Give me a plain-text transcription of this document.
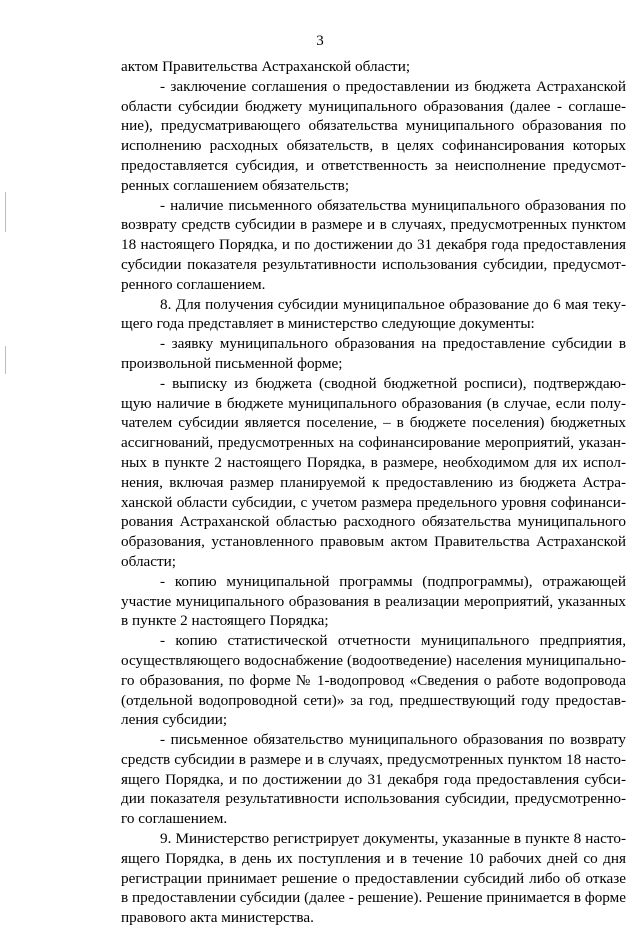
3

актом Правительства Астраханской области;

- заключение соглашения о предоставлении из бюджета Астраханской области субсидии бюджету муниципального образования (далее - соглашение), предусматривающего обязательства муниципального образования по исполнению расходных обязательств, в целях софинансирования которых предоставляется субсидия, и ответственность за неисполнение предусмотренных соглашением обязательств;

- наличие письменного обязательства муниципального образования по возврату средств субсидии в размере и в случаях, предусмотренных пунктом 18 настоящего Порядка, и по достижении до 31 декабря года предоставления субсидии показателя результативности использования субсидии, предусмотренного соглашением.

8. Для получения субсидии муниципальное образование до 6 мая текущего года представляет в министерство следующие документы:

- заявку муниципального образования на предоставление субсидии в произвольной письменной форме;

- выписку из бюджета (сводной бюджетной росписи), подтверждающую наличие в бюджете муниципального образования (в случае, если получателем субсидии является поселение, – в бюджете поселения) бюджетных ассигнований, предусмотренных на софинансирование мероприятий, указанных в пункте 2 настоящего Порядка, в размере, необходимом для их исполнения, включая размер планируемой к предоставлению из бюджета Астраханской области субсидии, с учетом размера предельного уровня софинансирования Астраханской областью расходного обязательства муниципального образования, установленного правовым актом Правительства Астраханской области;

- копию муниципальной программы (подпрограммы), отражающей участие муниципального образования в реализации мероприятий, указанных в пункте 2 настоящего Порядка;

- копию статистической отчетности муниципального предприятия, осуществляющего водоснабжение (водоотведение) населения муниципального образования, по форме № 1-водопровод «Сведения о работе водопровода (отдельной водопроводной сети)» за год, предшествующий году предоставления субсидии;

- письменное обязательство муниципального образования по возврату средств субсидии в размере и в случаях, предусмотренных пунктом 18 настоящего Порядка, и по достижении до 31 декабря года предоставления субсидии показателя результативности использования субсидии, предусмотренного соглашением.

9. Министерство регистрирует документы, указанные в пункте 8 настоящего Порядка, в день их поступления и в течение 10 рабочих дней со дня регистрации принимает решение о предоставлении субсидий либо об отказе в предоставлении субсидии (далее - решение). Решение принимается в форме правового акта министерства.
